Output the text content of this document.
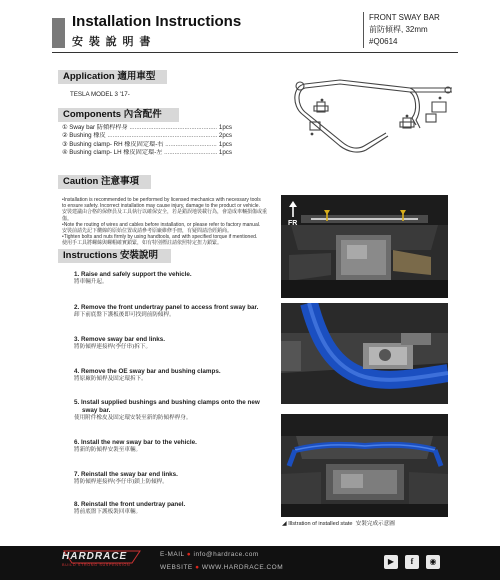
Installation Instructions
安 裝 說 明 書
FRONT SWAY BAR
前防傾桿, 32mm
#Q0614
Application 適用車型
TESLA MODEL 3 '17-
Components 內含配件
① Sway bar 防傾桿桿身 .....	1pcs
② Bushing 橡皮 .....	2pcs
③ Bushing clamp- RH 橡皮固定環-右 .....	1pcs
④ Bushing clamp- LH 橡皮固定環-左 .....	1pcs
Caution 注意事項

•Installation is recommended to be performed by licensed mechanics with necessary tools

to ensure safety. Incorrect installation may cause injury, damage to the product or vehicle.

安裝建議由合格的保修員及工具執行以確保安全，若是錯誤地裝載行為，會造成車輛損傷或重傷。

•Note the routing of wires and cables before installation, or please refer to factory manual.

安裝前請先記下纜線的原始位置或請參考原廠維修手冊，有疑問請洽經銷商。

•Tighten bolts and nuts firmly by using handtools, and with specified torque if mentioned.

使用手工具將螺絲與螺帽確實鎖緊，如有特別標註請依照特定扭力鎖緊。

Instructions 安裝說明
1. Raise and safely support the vehicle.
將車輛升起。
2. Remove the front undertray panel to access front sway bar.
卸下前底盤下護板後即可找到前防傾桿。
3. Remove sway bar end links.
將防傾桿連接桿(李仔串)拆下。
4. Remove the OE sway bar and bushing clamps.
將原廠防傾桿及固定環拆下。
5. Install supplied bushings and bushing clamps onto the new
sway bar.
使用附件橡皮及固定環安裝至新的防傾桿桿身。
6. Install the new sway bar to the vehicle.
將新的防傾桿安裝至車輛。
7. Reinstall the sway bar end links.
將防傾桿連接桿(李仔串)鎖上防傾桿。
8. Reinstall the front undertray panel.
將前底盤下護板裝回車輛。
FR
◢ Illstration of installed state 安裝完成示意圖
HARDRACE
BUILD STRONG SUSPENSION
E-MAIL ● info@hardrace.com
WEBSITE ● WWW.HARDRACE.COM
▶	f	◉
